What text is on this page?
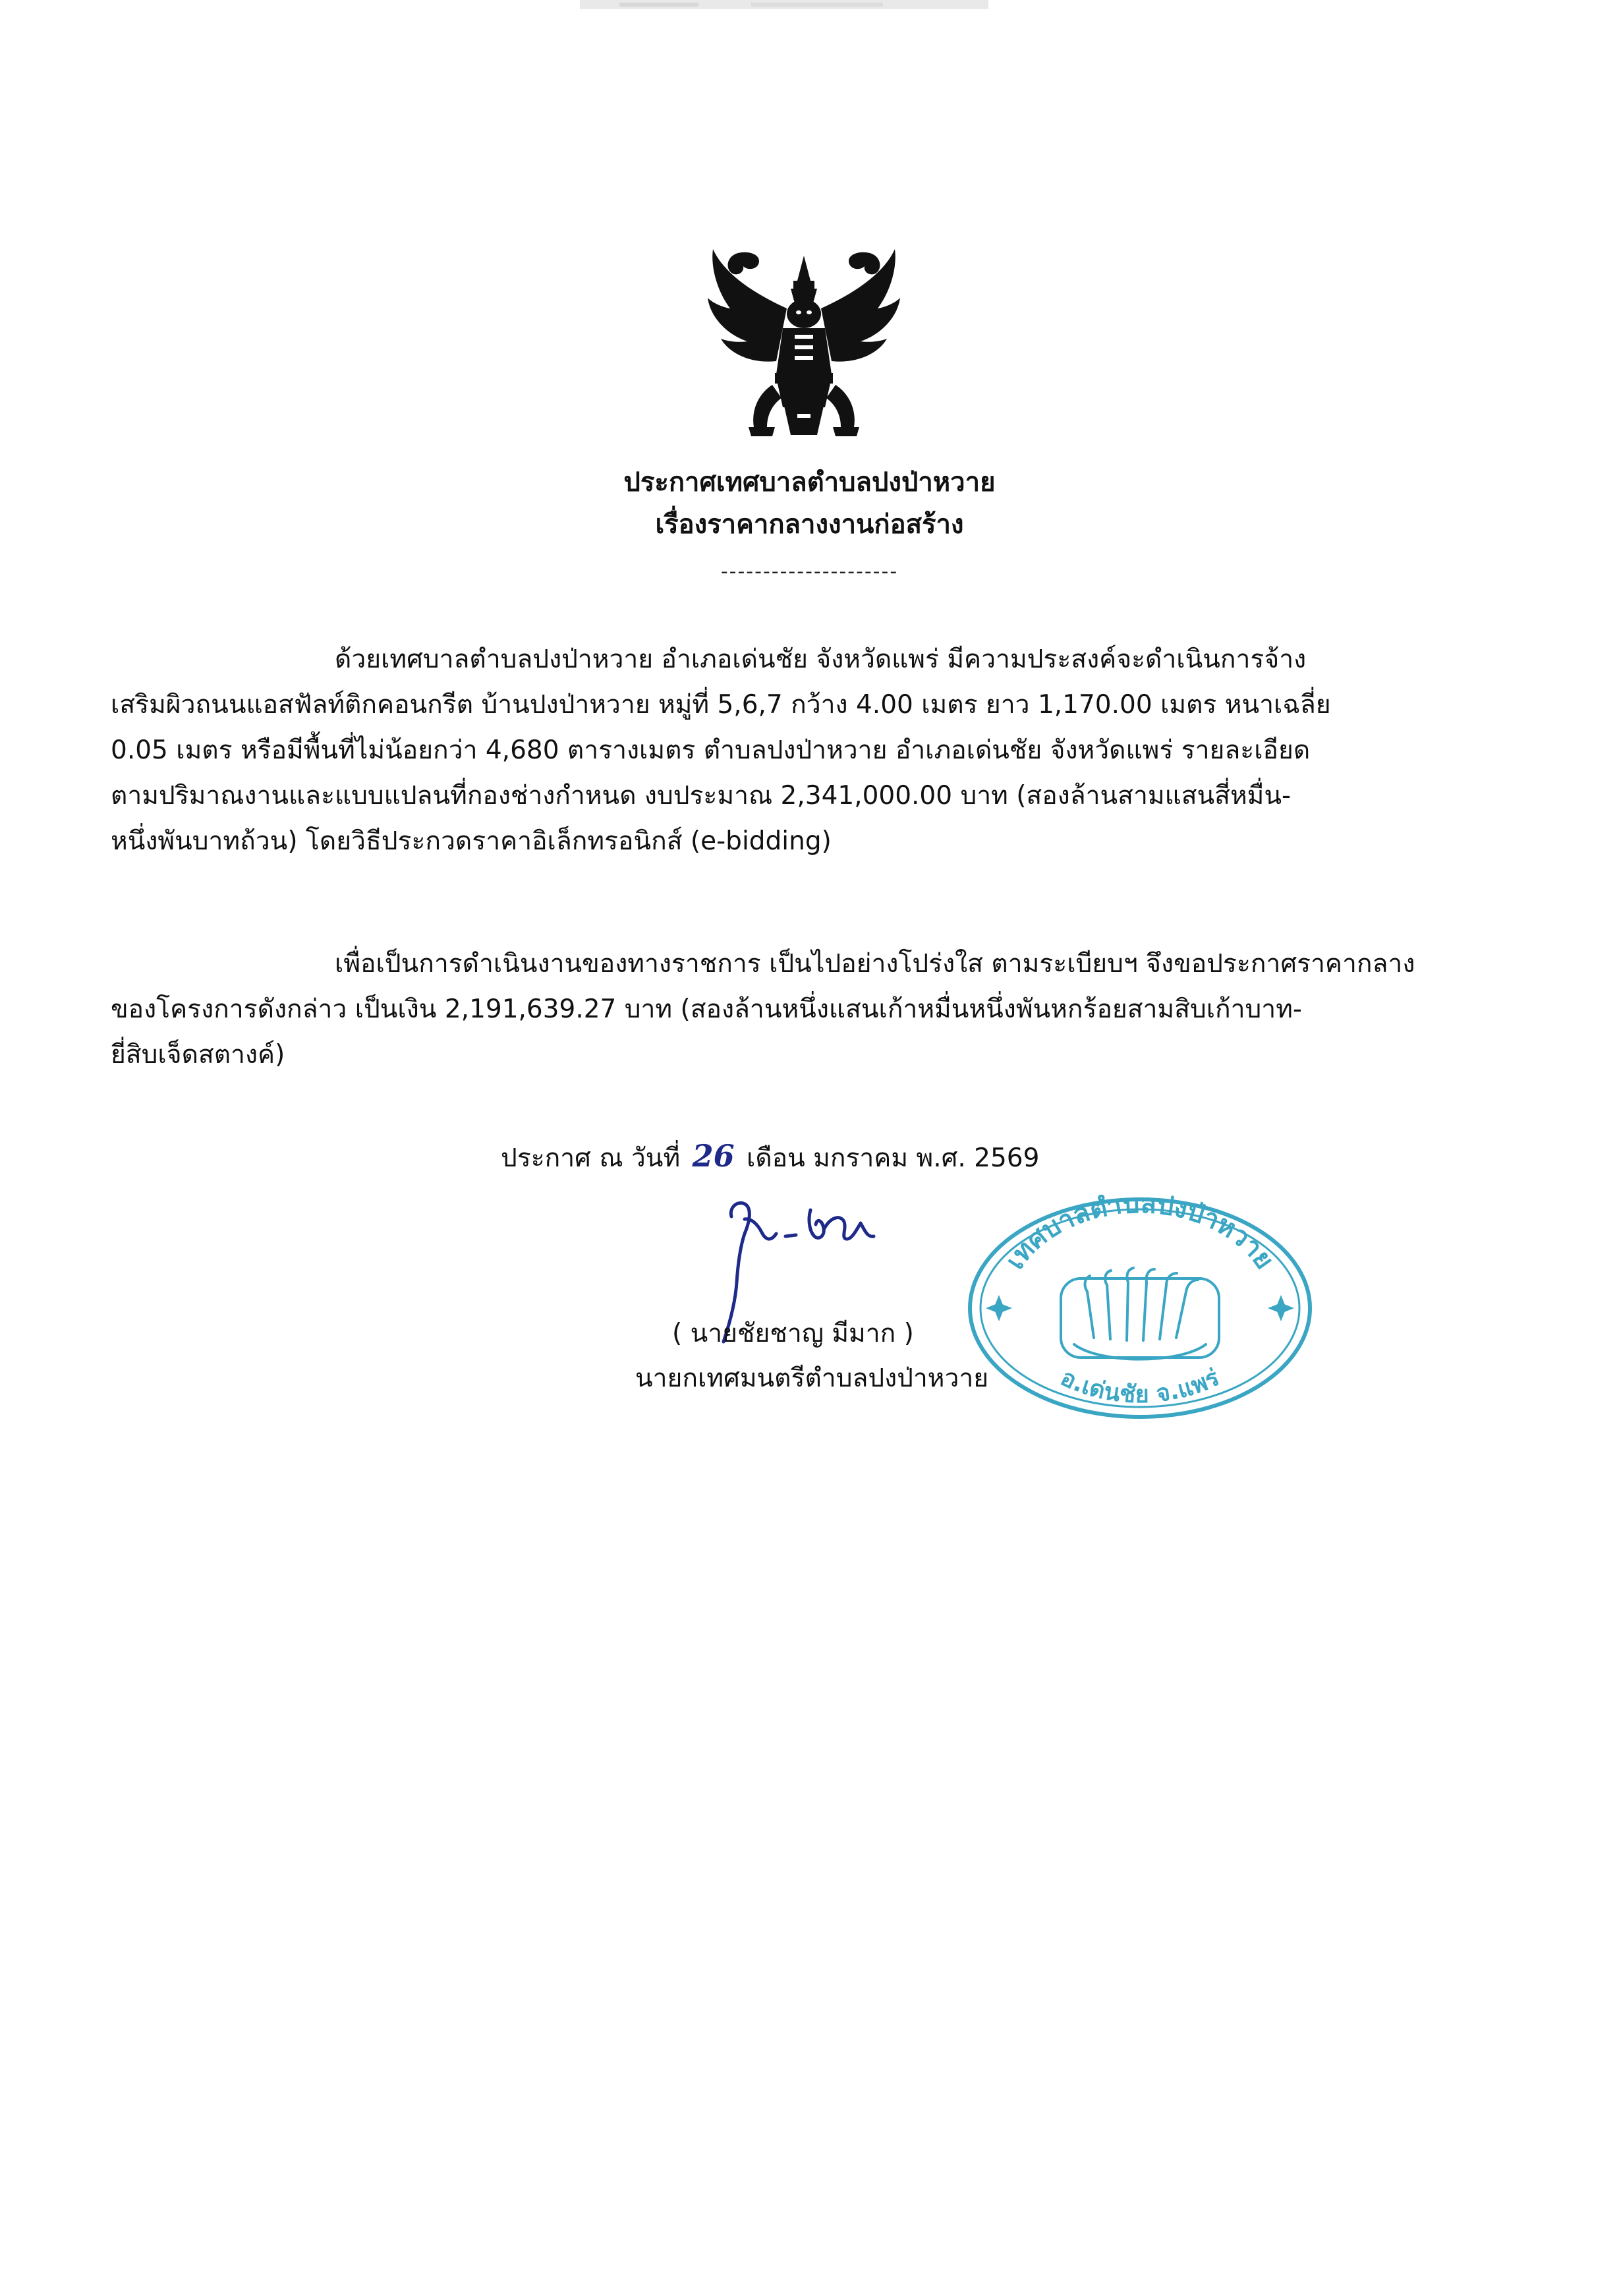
ประกาศเทศบาลตำบลปงป่าหวาย
เรื่องราคากลางงานก่อสร้าง
---------------------
ด้วยเทศบาลตำบลปงป่าหวาย อำเภอเด่นชัย จังหวัดแพร่ มีความประสงค์จะดำเนินการจ้าง
เสริมผิวถนนแอสฟัลท์ติกคอนกรีต บ้านปงป่าหวาย หมู่ที่ 5,6,7 กว้าง 4.00 เมตร ยาว 1,170.00 เมตร หนาเฉลี่ย
0.05 เมตร หรือมีพื้นที่ไม่น้อยกว่า 4,680 ตารางเมตร ตำบลปงป่าหวาย อำเภอเด่นชัย จังหวัดแพร่ รายละเอียด
ตามปริมาณงานและแบบแปลนที่กองช่างกำหนด งบประมาณ 2,341,000.00 บาท (สองล้านสามแสนสี่หมื่น-
หนึ่งพันบาทถ้วน) โดยวิธีประกวดราคาอิเล็กทรอนิกส์ (e-bidding)
เพื่อเป็นการดำเนินงานของทางราชการ เป็นไปอย่างโปร่งใส ตามระเบียบฯ จึงขอประกาศราคากลาง
ของโครงการดังกล่าว เป็นเงิน 2,191,639.27 บาท (สองล้านหนึ่งแสนเก้าหมื่นหนึ่งพันหกร้อยสามสิบเก้าบาท-
ยี่สิบเจ็ดสตางค์)
ประกาศ ณ วันที่ 26 เดือน มกราคม พ.ศ. 2569
( นายชัยชาญ มีมาก )
นายกเทศมนตรีตำบลปงป่าหวาย
เทศบาลตำบลปงป่าหวาย
อ.เด่นชัย จ.แพร่
